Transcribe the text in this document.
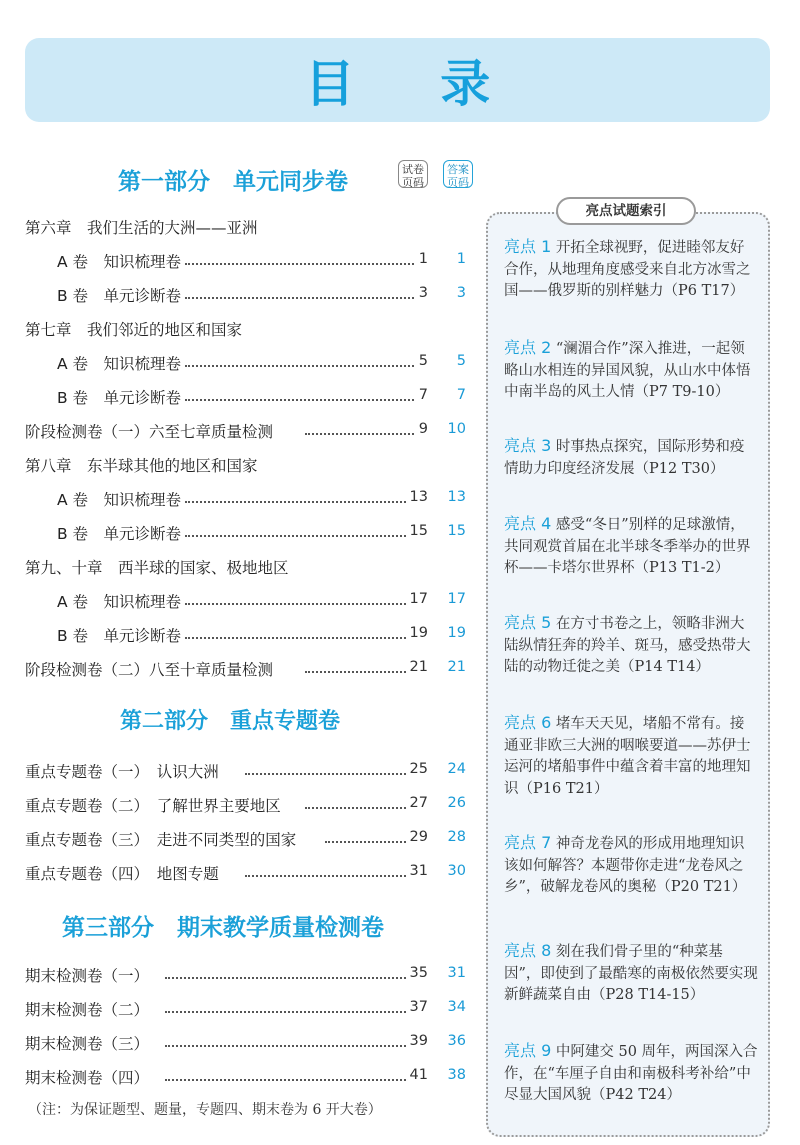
目 录
第一部分　单元同步卷	试卷
页码
答案
页码
第二部分　重点专题卷
第三部分　期末教学质量检测卷
第六章　我们生活的大洲——亚洲
A 卷　知识梳理卷	1 1
B 卷　单元诊断卷	3 3
第七章　我们邻近的地区和国家
A 卷　知识梳理卷	5 5
B 卷　单元诊断卷	7 7
阶段检测卷（一）六至七章质量检测	9 10
第八章　东半球其他的地区和国家
A 卷　知识梳理卷	13 13
B 卷　单元诊断卷	15 15
第九、十章　西半球的国家、极地地区
A 卷　知识梳理卷	17 17
B 卷　单元诊断卷	19 19
阶段检测卷（二）八至十章质量检测	21 21
重点专题卷（一）　认识大洲	25 24
重点专题卷（二）　了解世界主要地区	27 26
重点专题卷（三）　走进不同类型的国家	29 28
重点专题卷（四）　地图专题	31 30
期末检测卷（一）	35 31
期末检测卷（二）	37 34
期末检测卷（三）	39 36
期末检测卷（四）	41 38
（注：为保证题型、题量，专题四、期末卷为 6 开大卷）
亮点试题索引
亮点 1 开拓全球视野，促进睦邻友好合作，从地理角度感受来自北方冰雪之国——俄罗斯的别样魅力（P6 T17）
亮点 2 “澜湄合作”深入推进，一起领略山水相连的异国风貌，从山水中体悟中南半岛的风土人情（P7 T9-10）
亮点 3 时事热点探究，国际形势和疫情助力印度经济发展（P12 T30）
亮点 4 感受“冬日”别样的足球激情，共同观赏首届在北半球冬季举办的世界杯——卡塔尔世界杯（P13 T1-2）
亮点 5 在方寸书卷之上，领略非洲大陆纵情狂奔的羚羊、斑马，感受热带大陆的动物迁徙之美（P14 T14）
亮点 6 堵车天天见，堵船不常有。接通亚非欧三大洲的咽喉要道——苏伊士运河的堵船事件中蕴含着丰富的地理知识（P16 T21）
亮点 7 神奇龙卷风的形成用地理知识该如何解答？本题带你走进“龙卷风之乡”，破解龙卷风的奥秘（P20 T21）
亮点 8 刻在我们骨子里的“种菜基因”，即使到了最酷寒的南极依然要实现新鲜蔬菜自由（P28 T14-15）
亮点 9 中阿建交 50 周年，两国深入合作，在“车厘子自由和南极科考补给”中尽显大国风貌（P42 T24）
